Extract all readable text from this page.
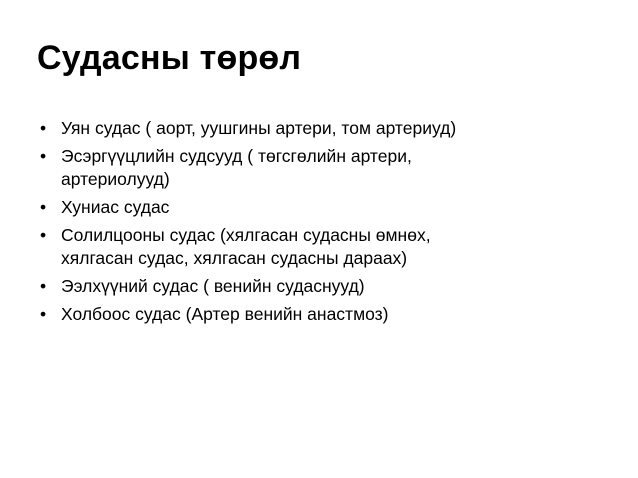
Судасны төрөл
• Уян судас ( аорт, уушгины артери, том артериуд)
• Эсэргүүцлийн судсууд ( төгсгөлийн артери,
артериолууд)
• Хуниас судас
• Солилцооны судас (хялгасан судасны өмнөх,
хялгасан судас, хялгасан судасны дараах)
• Ээлхүүний судас ( венийн судаснууд)
• Холбоос судас (Артер венийн анастмоз)
